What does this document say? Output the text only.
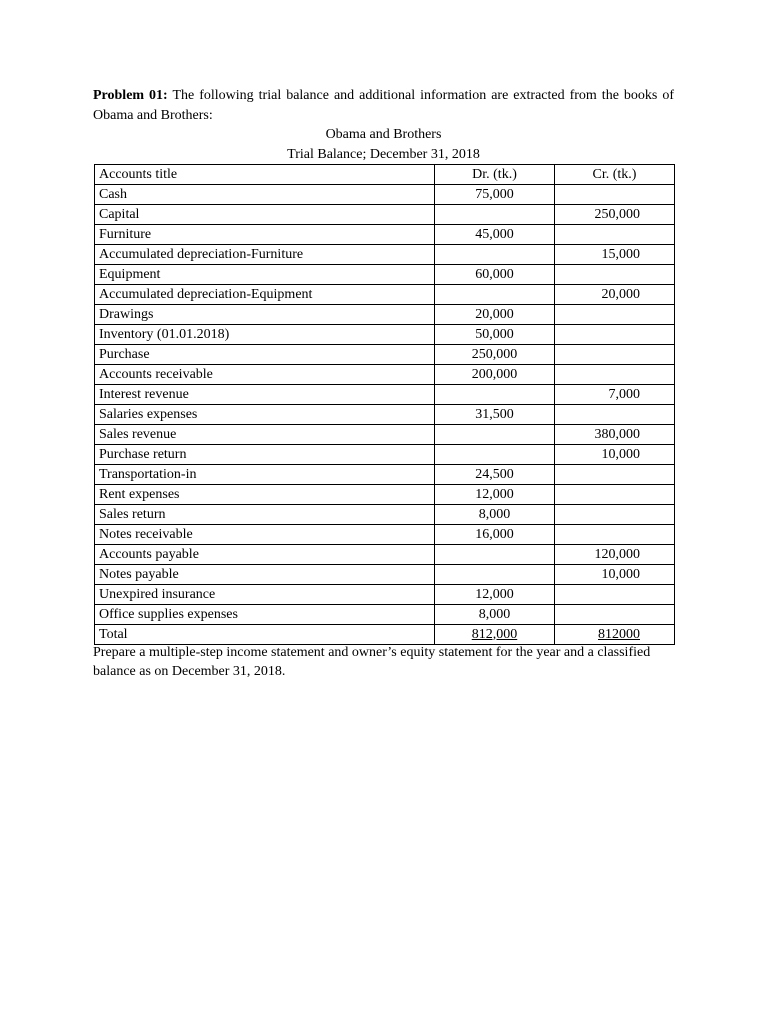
Problem 01: The following trial balance and additional information are extracted from the books of Obama and Brothers:
Obama and Brothers
Trial Balance; December 31, 2018
Accounts title	Dr. (tk.)	Cr. (tk.)
Cash	75,000	
Capital		250,000
Furniture	45,000	
Accumulated depreciation-Furniture		15,000
Equipment	60,000	
Accumulated depreciation-Equipment		20,000
Drawings	20,000	
Inventory (01.01.2018)	50,000	
Purchase	250,000	
Accounts receivable	200,000	
Interest revenue		7,000
Salaries expenses	31,500	
Sales revenue		380,000
Purchase return		10,000
Transportation-in	24,500	
Rent expenses	12,000	
Sales return	8,000	
Notes receivable	16,000	
Accounts payable		120,000
Notes payable		10,000
Unexpired insurance	12,000	
Office supplies expenses	8,000	
Total	812,000	812000
Prepare a multiple-step income statement and owner’s equity statement for the year and a classified balance as on December 31, 2018.
